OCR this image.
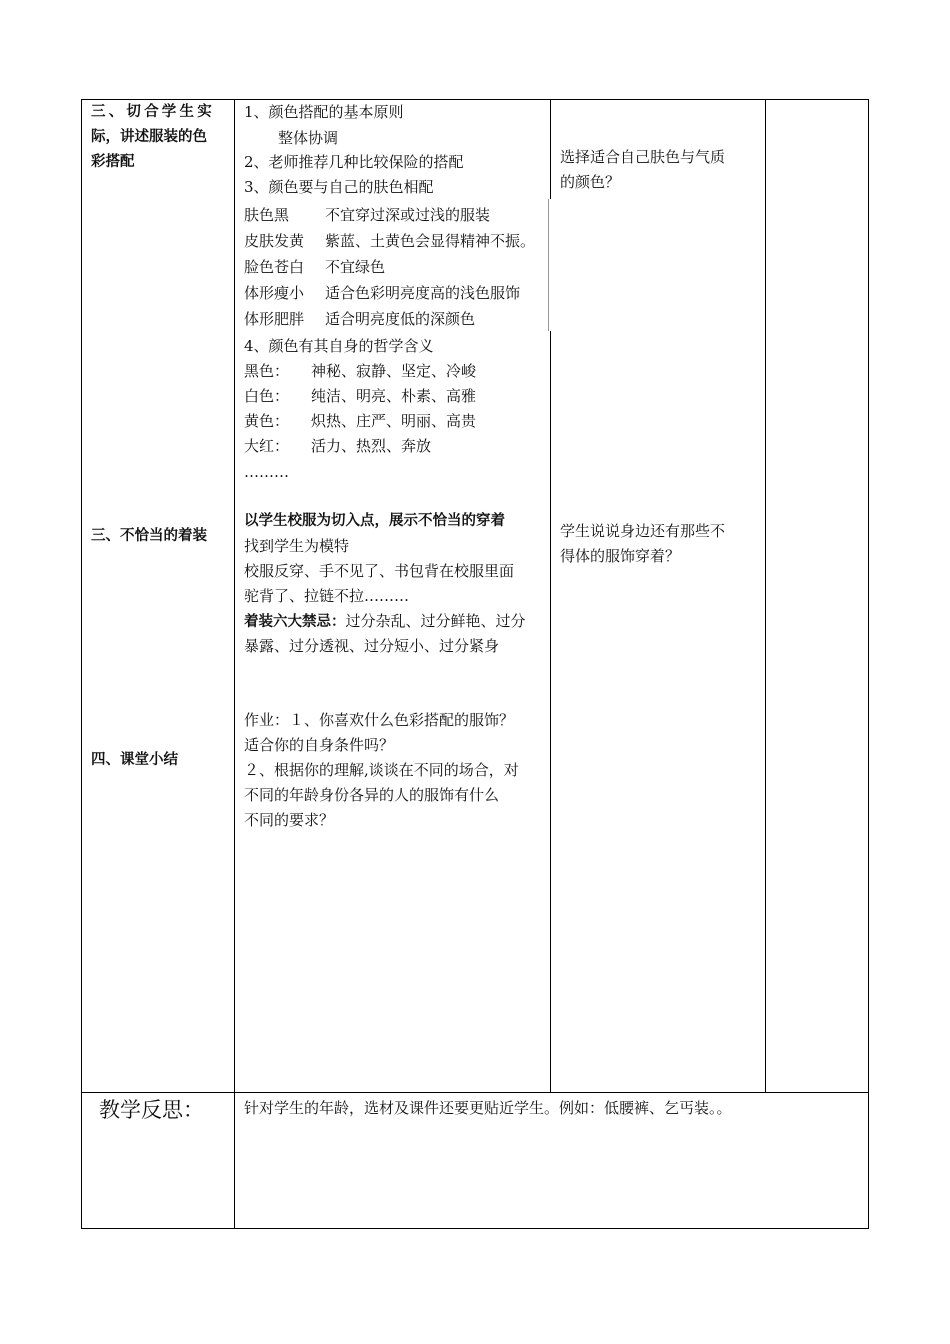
三、切合学生实
际，讲述服装的色
彩搭配
三、不恰当的着装
四、课堂小结
1、颜色搭配的基本原则
整体协调
2、老师推荐几种比较保险的搭配
3、颜色要与自己的肤色相配
肤色黑 不宜穿过深或过浅的服装
皮肤发黄 紫蓝、土黄色会显得精神不振。
脸色苍白 不宜绿色
体形瘦小 适合色彩明亮度高的浅色服饰
体形肥胖 适合明亮度低的深颜色
4、颜色有其自身的哲学含义
黑色： 神秘、寂静、坚定、冷峻
白色： 纯洁、明亮、朴素、高雅
黄色： 炽热、庄严、明丽、高贵
大红： 活力、热烈、奔放
………
以学生校服为切入点，展示不恰当的穿着
找到学生为模特
校服反穿、手不见了、书包背在校服里面
驼背了、拉链不拉………
着装六大禁忌：过分杂乱、过分鲜艳、过分
暴露、过分透视、过分短小、过分紧身
作业：１、你喜欢什么色彩搭配的服饰？
适合你的自身条件吗？
２、根据你的理解,谈谈在不同的场合，对
不同的年龄身份各异的人的服饰有什么
不同的要求？
选择适合自己肤色与气质
的颜色？
学生说说身边还有那些不
得体的服饰穿着？
教学反思：	针对学生的年龄，选材及课件还要更贴近学生。例如：低腰裤、乞丐装。。
